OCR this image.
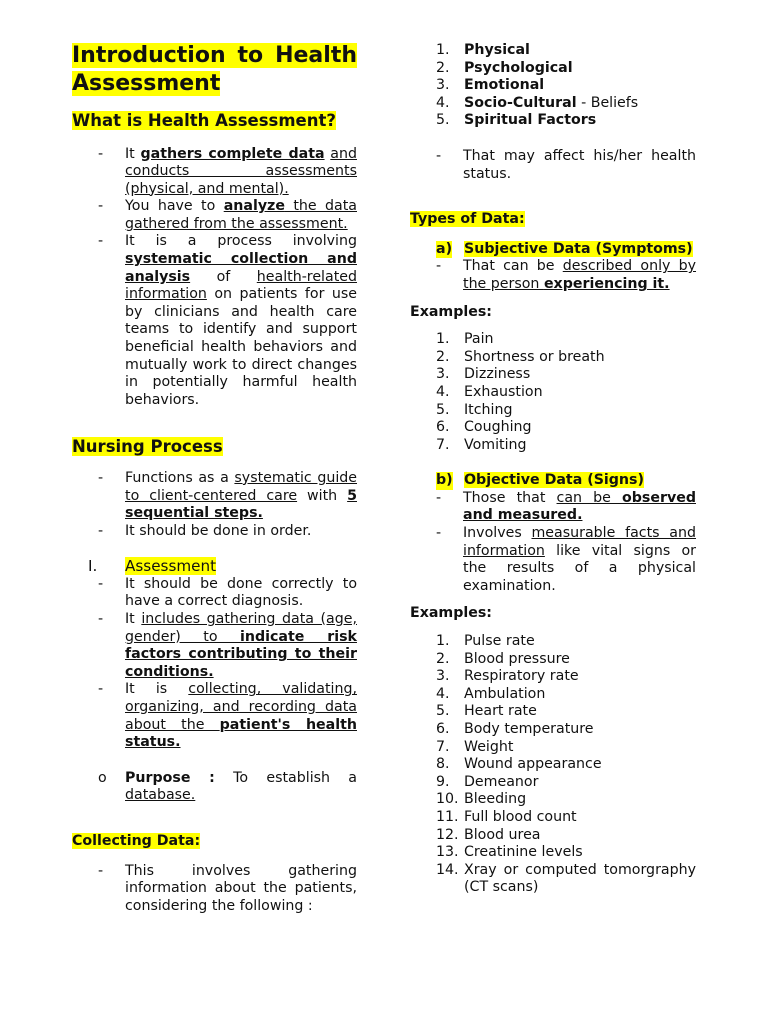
Introduction to Health Assessment
What is Health Assessment?
- It gathers complete data and conducts assessments (physical, and mental).
- You have to analyze the data gathered from the assessment.
- It is a process involving systematic collection and analysis of health-related information on patients for use by clinicians and health care teams to identify and support beneficial health behaviors and mutually work to direct changes in potentially harmful health behaviors.
Nursing Process
- Functions as a systematic guide to client-centered care with 5 sequential steps.
- It should be done in order.
I. Assessment
- It should be done correctly to have a correct diagnosis.
- It includes gathering data (age, gender) to indicate risk factors contributing to their conditions.
- It is collecting, validating, organizing, and recording data about the patient's health status.
o Purpose : To establish a database.
Collecting Data:
- This involves gathering information about the patients, considering the following :
1. Physical
2. Psychological
3. Emotional
4. Socio-Cultural - Beliefs
5. Spiritual Factors
- That may affect his/her health status.
Types of Data:
a) Subjective Data (Symptoms)
- That can be described only by the person experiencing it.
Examples:
1. Pain
2. Shortness or breath
3. Dizziness
4. Exhaustion
5. Itching
6. Coughing
7. Vomiting
b) Objective Data (Signs)
- Those that can be observed and measured.
- Involves measurable facts and information like vital signs or the results of a physical examination.
Examples:
1. Pulse rate
2. Blood pressure
3. Respiratory rate
4. Ambulation
5. Heart rate
6. Body temperature
7. Weight
8. Wound appearance
9. Demeanor
10. Bleeding
11. Full blood count
12. Blood urea
13. Creatinine levels
14. Xray or computed tomorgraphy (CT scans)
